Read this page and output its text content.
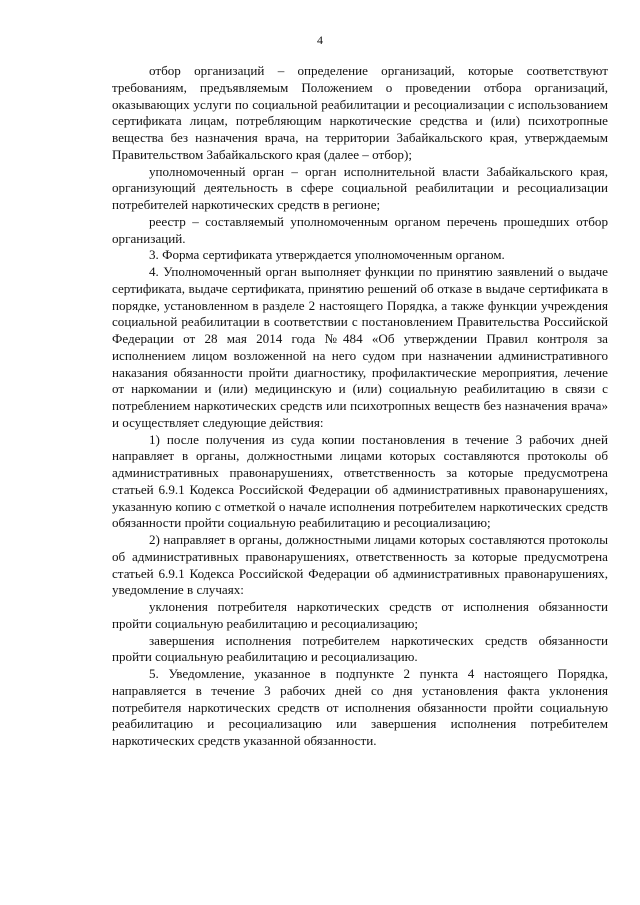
4

отбор организаций – определение организаций, которые соответствуют требованиям, предъявляемым Положением о проведении отбора организаций, оказывающих услуги по социальной реабилитации и ресоциализации с использованием сертификата лицам, потребляющим наркотические средства и (или) психотропные вещества без назначения врача, на территории Забайкальского края, утверждаемым Правительством Забайкальского края (далее – отбор);

уполномоченный орган – орган исполнительной власти Забайкальского края, организующий деятельность в сфере социальной реабилитации и ресоциализации потребителей наркотических средств в регионе;

реестр – составляемый уполномоченным органом перечень прошедших отбор организаций.

3. Форма сертификата утверждается уполномоченным органом.

4. Уполномоченный орган выполняет функции по принятию заявлений о выдаче сертификата, выдаче сертификата, принятию решений об отказе в выдаче сертификата в порядке, установленном в разделе 2 настоящего Порядка, а также функции учреждения социальной реабилитации в соответствии с постановлением Правительства Российской Федерации от 28 мая 2014 года №484 «Об утверждении Правил контроля за исполнением лицом возложенной на него судом при назначении административного наказания обязанности пройти диагностику, профилактические мероприятия, лечение от наркомании и (или) медицинскую и (или) социальную реабилитацию в связи с потреблением наркотических средств или психотропных веществ без назначения врача» и осуществляет следующие действия:

1) после получения из суда копии постановления в течение 3 рабочих дней направляет в органы, должностными лицами которых составляются протоколы об административных правонарушениях, ответственность за которые предусмотрена статьей 6.9.1 Кодекса Российской Федерации об административных правонарушениях, указанную копию с отметкой о начале исполнения потребителем наркотических средств обязанности пройти социальную реабилитацию и ресоциализацию;

2) направляет в органы, должностными лицами которых составляются протоколы об административных правонарушениях, ответственность за которые предусмотрена статьей 6.9.1 Кодекса Российской Федерации об административных правонарушениях, уведомление в случаях:

уклонения потребителя наркотических средств от исполнения обязанности пройти социальную реабилитацию и ресоциализацию;

завершения исполнения потребителем наркотических средств обязанности пройти социальную реабилитацию и ресоциализацию.

5. Уведомление, указанное в подпункте 2 пункта 4 настоящего Порядка, направляется в течение 3 рабочих дней со дня установления факта уклонения потребителя наркотических средств от исполнения обязанности пройти социальную реабилитацию и ресоциализацию или завершения исполнения потребителем наркотических средств указанной обязанности.
